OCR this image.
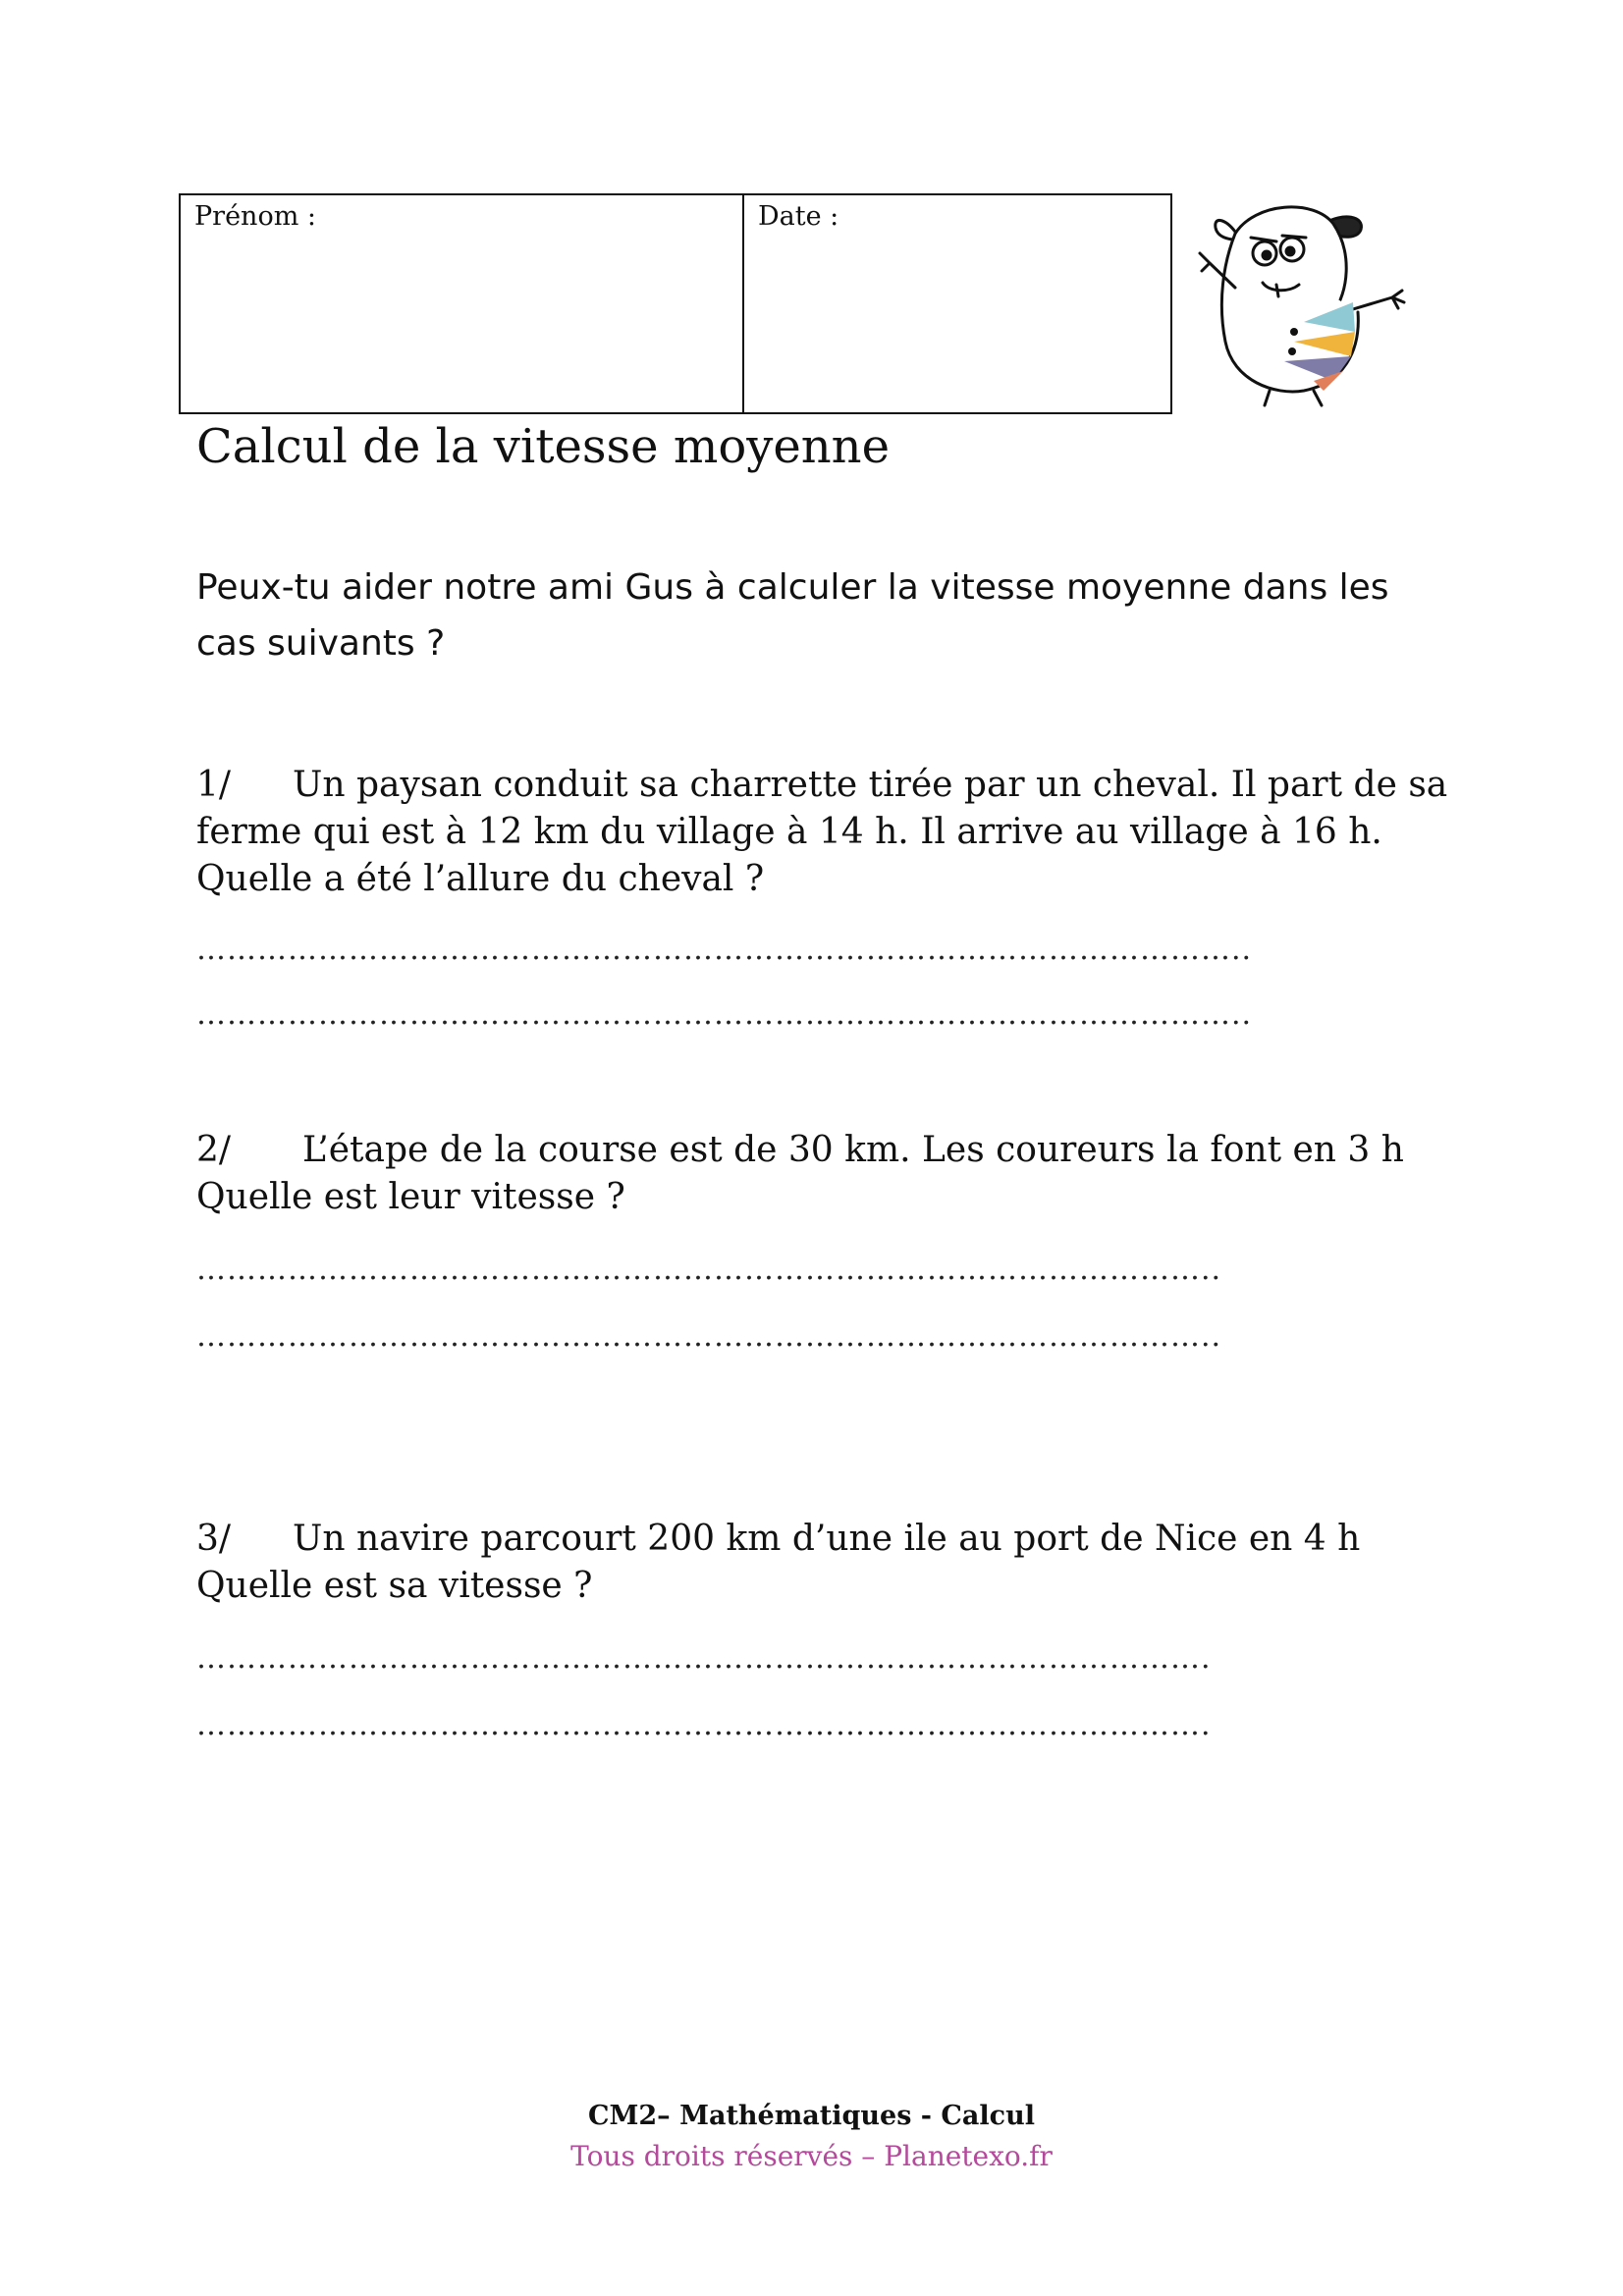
Prénom :	Date :
Calcul de la vitesse moyenne
Peux-tu aider notre ami Gus à calculer la vitesse moyenne dans les cas suivants ?
1/ Un paysan conduit sa charrette tirée par un cheval. Il part de sa
ferme qui est à 12 km du village à 14 h. Il arrive au village à 16 h.
Quelle a été l’allure du cheval ?
…………………………………………………………………………………………..
…………………………………………………………………………………………..
2/ L’étape de la course est de 30 km. Les coureurs la font en 3 h
Quelle est leur vitesse ?
………………………………………………………………………………………..
………………………………………………………………………………………..
3/ Un navire parcourt 200 km d’une ile au port de Nice en 4 h
Quelle est sa vitesse ?
……………………………………………………………………………………….
……………………………………………………………………………………….
CM2– Mathématiques - Calcul
Tous droits réservés – Planetexo.fr
